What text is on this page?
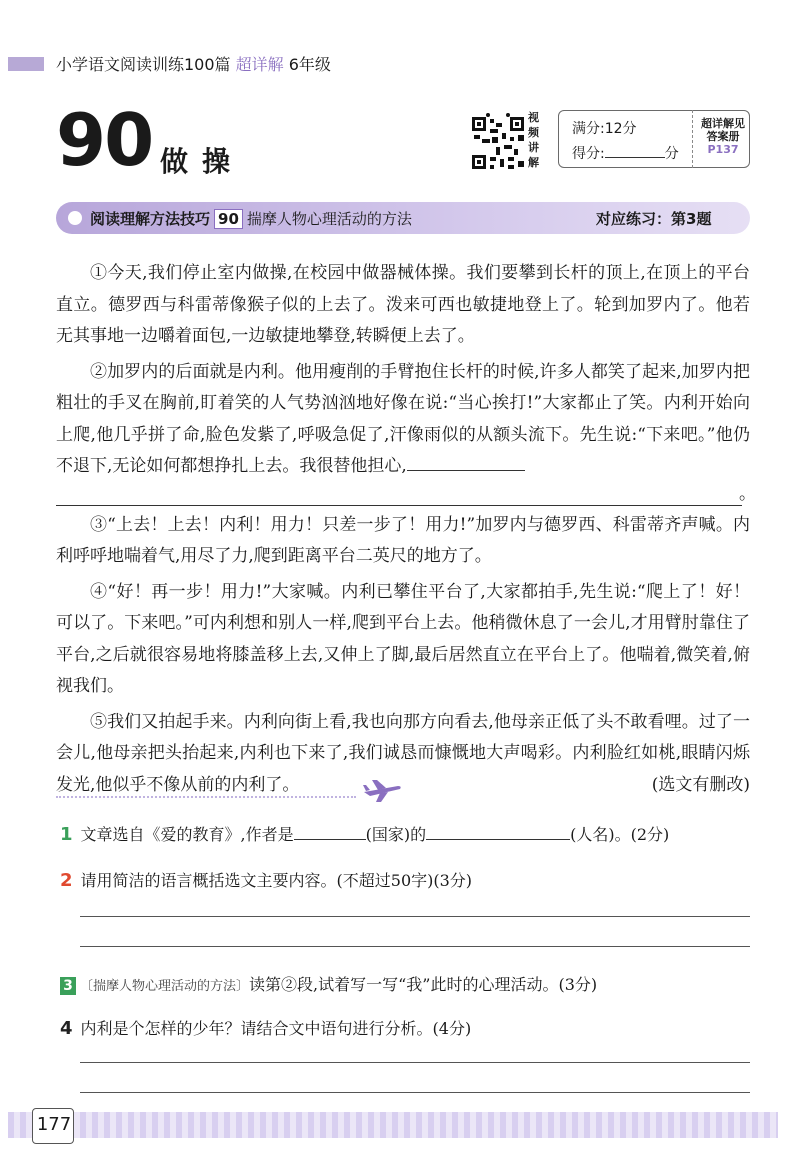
小学语文阅读训练100篇 超详解 6年级
90 做操
视频讲解
满分:12分
得分:	分
超详解见
答案册
P137
阅读理解方法技巧 90 揣摩人物心理活动的方法	对应练习：第3题

①今天,我们停止室内做操,在校园中做器械体操。我们要攀到长杆的顶上,在顶上的平台直立。德罗西与科雷蒂像猴子似的上去了。泼来可西也敏捷地登上了。轮到加罗内了。他若无其事地一边嚼着面包,一边敏捷地攀登,转瞬便上去了。

②加罗内的后面就是内利。他用瘦削的手臂抱住长杆的时候,许多人都笑了起来,加罗内把粗壮的手叉在胸前,盯着笑的人气势汹汹地好像在说:“当心挨打!”大家都止了笑。内利开始向上爬,他几乎拼了命,脸色发紫了,呼吸急促了,汗像雨似的从额头流下。先生说:“下来吧。”他仍不退下,无论如何都想挣扎上去。我很替他担心,
。

③“上去！上去！内利！用力！只差一步了！用力!”加罗内与德罗西、科雷蒂齐声喊。内利呼呼地喘着气,用尽了力,爬到距离平台二英尺的地方了。

④“好！再一步！用力!”大家喊。内利已攀住平台了,大家都拍手,先生说:“爬上了！好！可以了。下来吧。”可内利想和别人一样,爬到平台上去。他稍微休息了一会儿,才用臂肘靠住了平台,之后就很容易地将膝盖移上去,又伸上了脚,最后居然直立在平台上了。他喘着,微笑着,俯视我们。

⑤我们又拍起手来。内利向街上看,我也向那方向看去,他母亲正低了头不敢看哩。过了一会儿,他母亲把头抬起来,内利也下来了,我们诚恳而慷慨地大声喝彩。内利脸红如桃,眼睛闪烁发光,他似乎不像从前的内利了。	(选文有删改)

1 文章选自《爱的教育》,作者是	(国家)的	(人名)。(2分)
2 请用简洁的语言概括选文主要内容。(不超过50字)(3分)
3 〔揣摩人物心理活动的方法〕读第②段,试着写一写“我”此时的心理活动。(3分)
4 内利是个怎样的少年？请结合文中语句进行分析。(4分)
177
